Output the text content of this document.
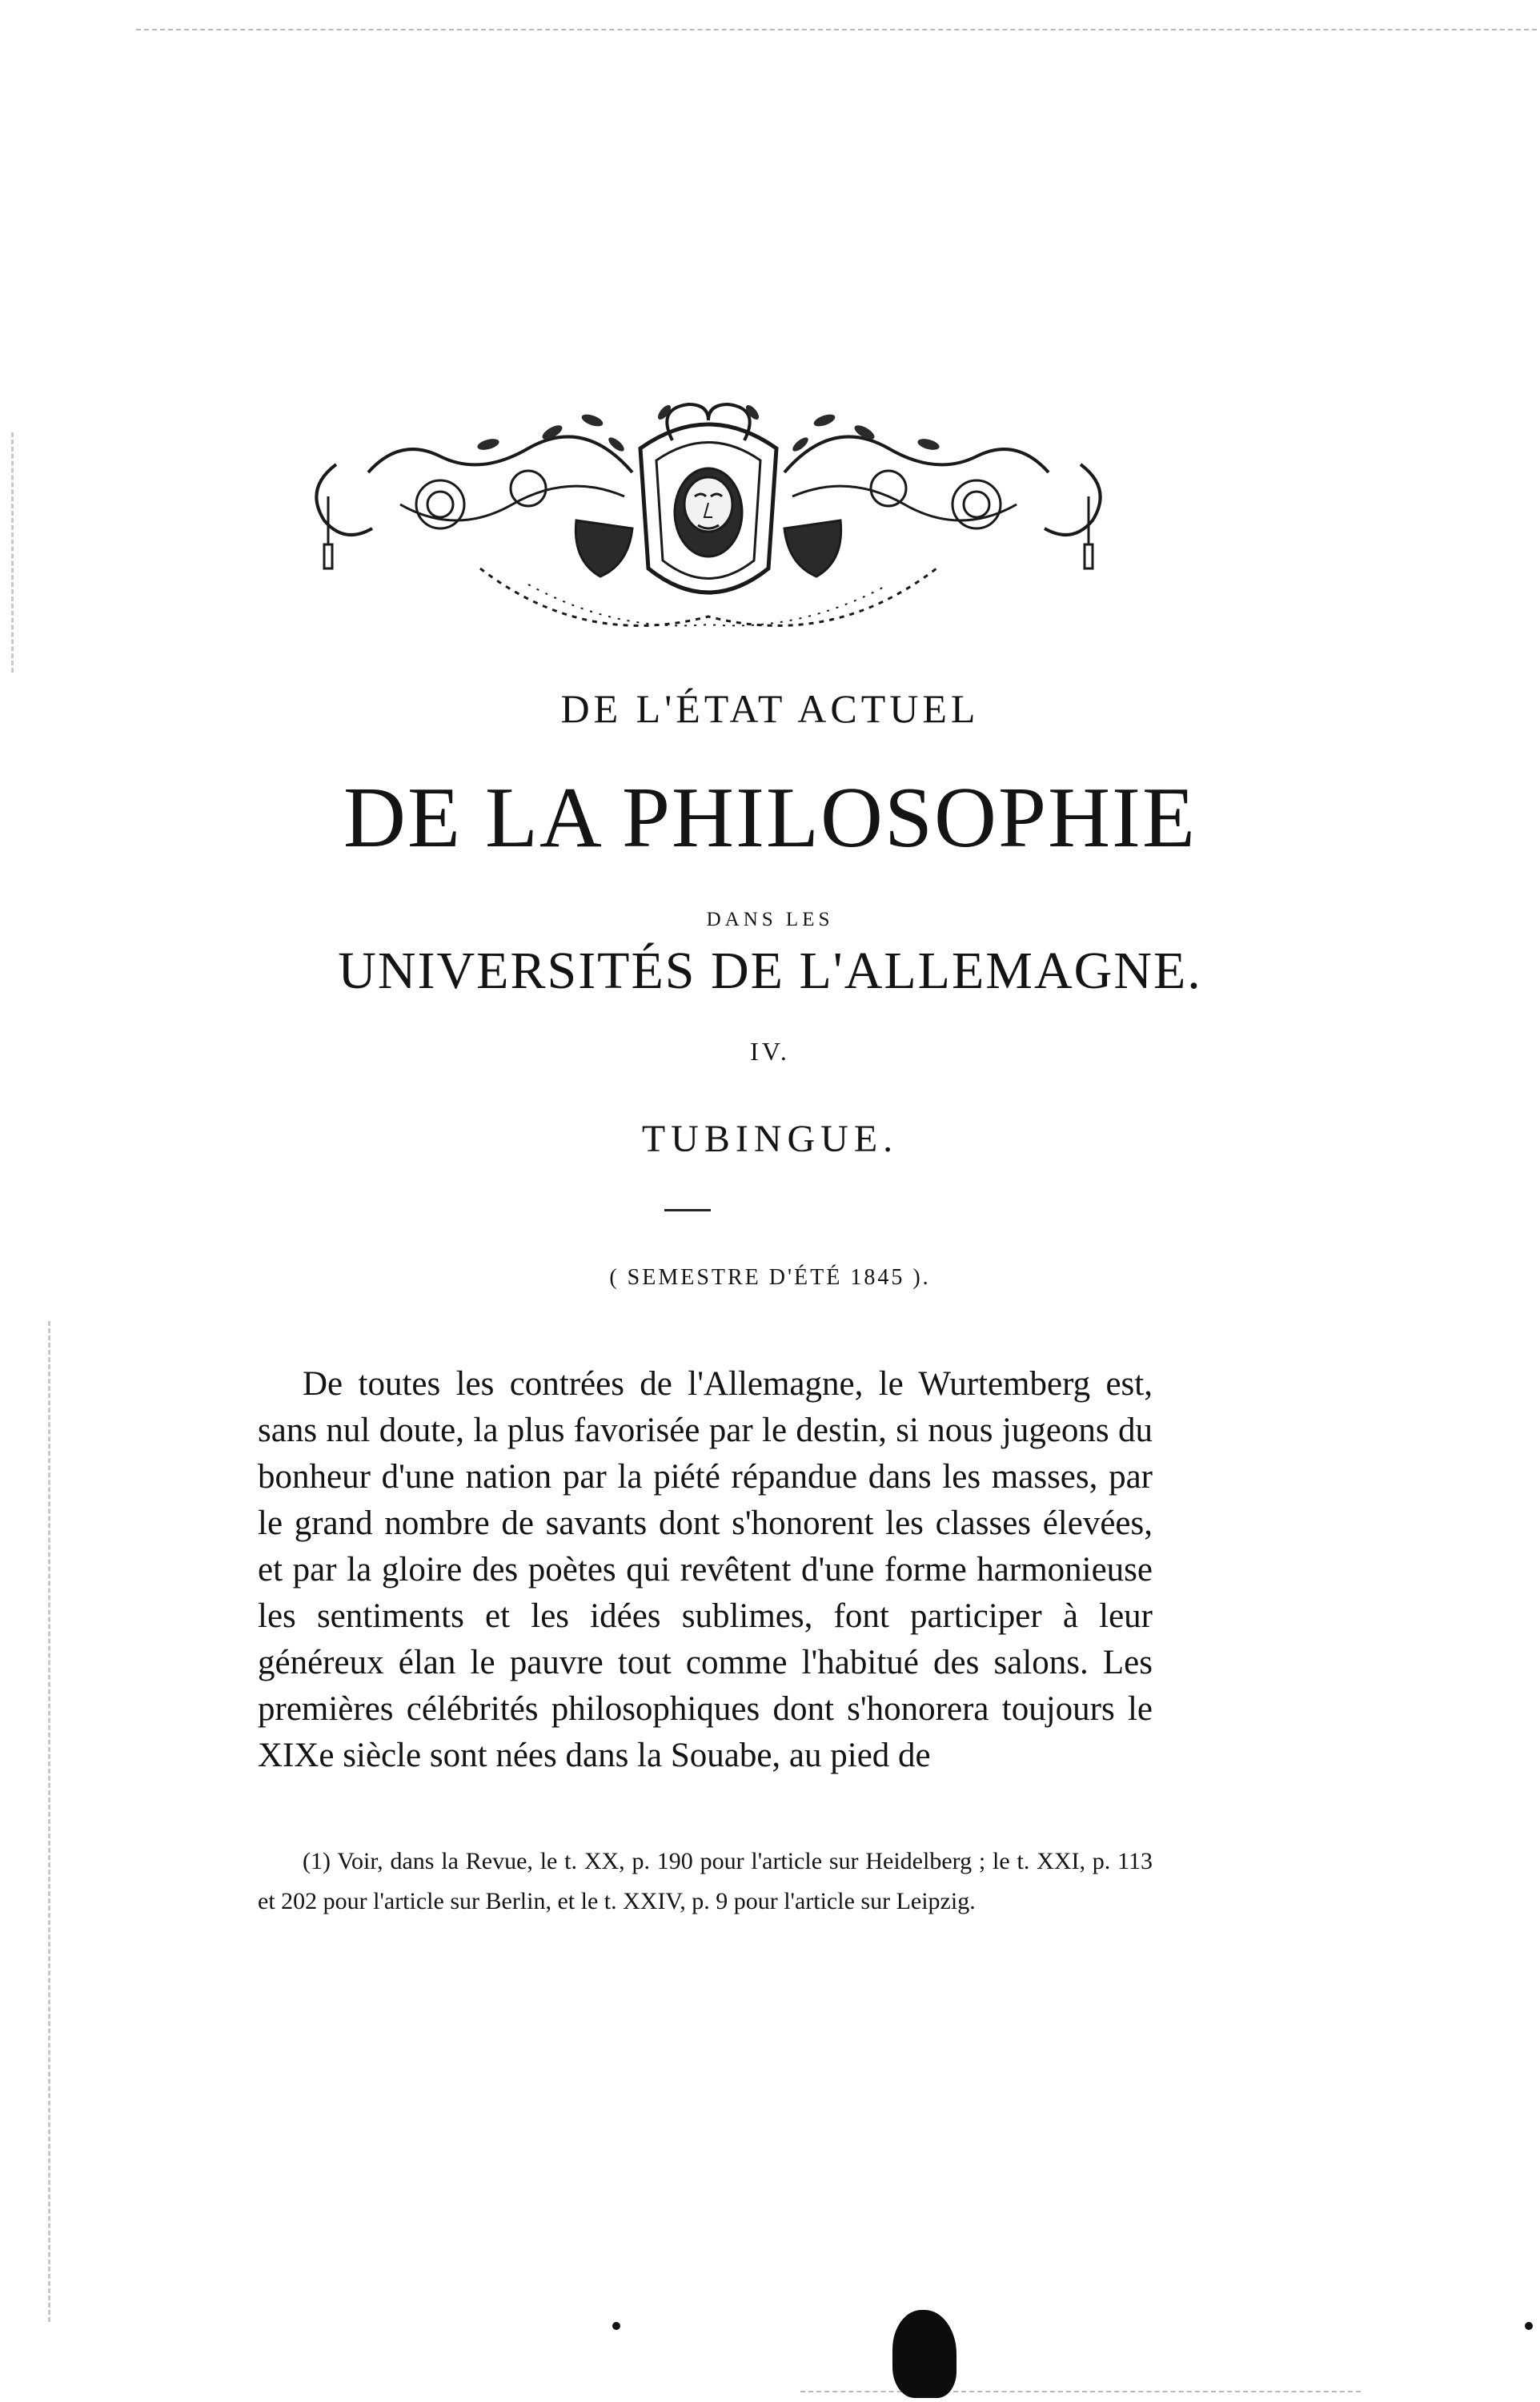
DE L'ÉTAT ACTUEL
DE LA PHILOSOPHIE
DANS LES
UNIVERSITÉS DE L'ALLEMAGNE.
IV.
TUBINGUE.
( SEMESTRE D'ÉTÉ 1845 ).

De toutes les contrées de l'Allemagne, le Wurtemberg est, sans nul doute, la plus favorisée par le destin, si nous jugeons du bonheur d'une nation par la piété répandue dans les masses, par le grand nombre de savants dont s'honorent les classes élevées, et par la gloire des poètes qui revêtent d'une forme harmonieuse les sentiments et les idées sublimes, font participer à leur généreux élan le pauvre tout comme l'habitué des salons. Les premières célébrités philosophiques dont s'honorera toujours le XIXe siècle sont nées dans la Souabe, au pied de

(1) Voir, dans la Revue, le t. XX, p. 190 pour l'article sur Heidelberg ; le t. XXI, p. 113 et 202 pour l'article sur Berlin, et le t. XXIV, p. 9 pour l'article sur Leipzig.
